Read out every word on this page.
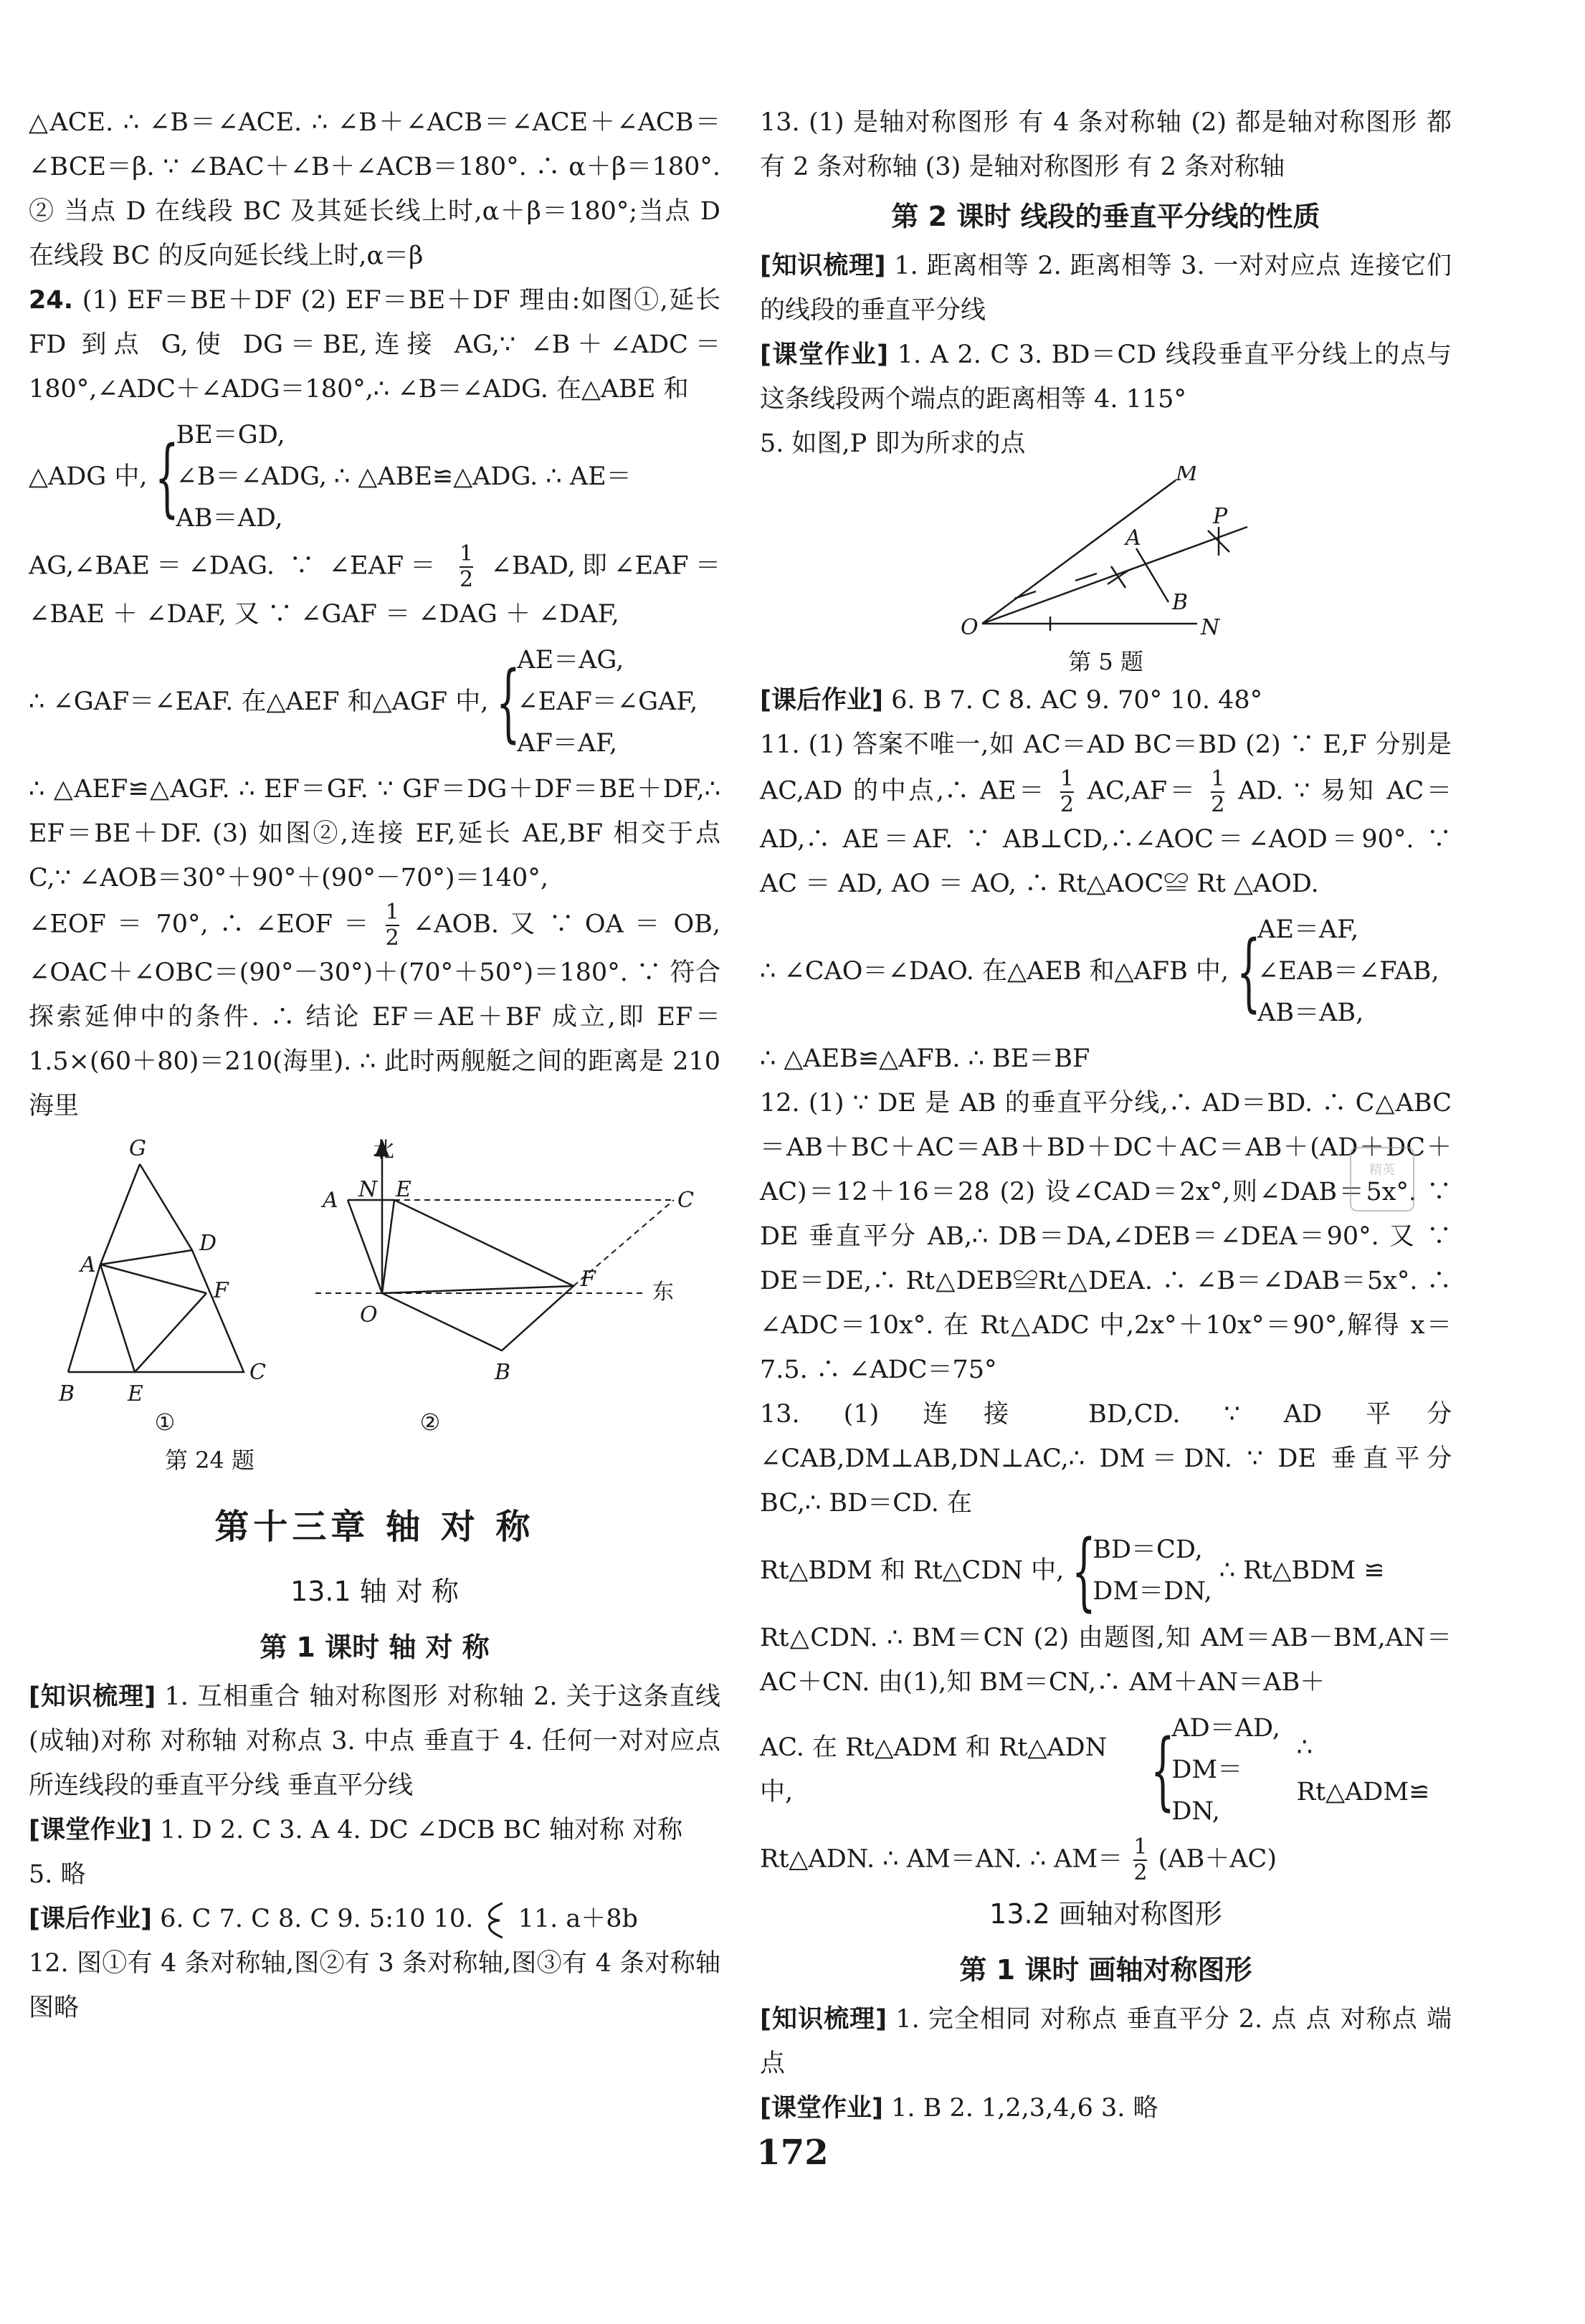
△ACE. ∴ ∠B＝∠ACE. ∴ ∠B＋∠ACB＝∠ACE＋∠ACB＝∠BCE＝β. ∵ ∠BAC＋∠B＋∠ACB＝180°. ∴ α＋β＝180°. ② 当点 D 在线段 BC 及其延长线上时,α＋β＝180°;当点 D 在线段 BC 的反向延长线上时,α＝β

24. (1) EF＝BE＋DF (2) EF＝BE＋DF 理由:如图①,延长 FD 到点 G,使 DG＝BE,连接 AG,∵ ∠B＋∠ADC＝180°,∠ADC＋∠ADG＝180°,∴ ∠B＝∠ADG. 在△ABE 和

△ADG 中, {
BE＝GD,
∠B＝∠ADG,
AB＝AD,
∴ △ABE≌△ADG. ∴ AE＝

AG,∠BAE＝∠DAG. ∵ ∠EAF＝ $\frac{1}{2}$ ∠BAD,即∠EAF＝∠BAE ＋ ∠DAF, 又 ∵ ∠GAF ＝ ∠DAG ＋ ∠DAF,

∴ ∠GAF＝∠EAF. 在△AEF 和△AGF 中, {
AE＝AG,
∠EAF＝∠GAF,
AF＝AF,

∴ △AEF≌△AGF. ∴ EF＝GF. ∵ GF＝DG＋DF＝BE＋DF,∴ EF＝BE＋DF. (3) 如图②,连接 EF,延长 AE,BF 相交于点 C,∵ ∠AOB＝30°＋90°＋(90°－70°)＝140°,

∠EOF ＝ 70°, ∴ ∠EOF ＝ $\frac{1}{2}$ ∠AOB. 又 ∵ OA ＝ OB, ∠OAC＋∠OBC＝(90°－30°)＋(70°＋50°)＝180°. ∵ 符合探索延伸中的条件. ∴ 结论 EF＝AE＋BF 成立,即 EF＝1.5×(60＋80)＝210(海里). ∴ 此时两舰艇之间的距离是 210 海里

G
D
A
F
B E
C
北
A N E	C
F
O
B
东
①	②
第 24 题
第十三章 轴 对 称
13.1 轴 对 称
第 1 课时 轴 对 称

[知识梳理] 1. 互相重合 轴对称图形 对称轴 2. 关于这条直线(成轴)对称 对称轴 对称点 3. 中点 垂直于 4. 任何一对对应点所连线段的垂直平分线 垂直平分线

[课堂作业] 1. D 2. C 3. A 4. DC ∠DCB BC 轴对称 对称

5. 略

[课后作业] 6. C 7. C 8. C 9. 5:10 10. 11. a＋8b

12. 图①有 4 条对称轴,图②有 3 条对称轴,图③有 4 条对称轴 图略

13. (1) 是轴对称图形 有 4 条对称轴 (2) 都是轴对称图形 都有 2 条对称轴 (3) 是轴对称图形 有 2 条对称轴

第 2 课时 线段的垂直平分线的性质

[知识梳理] 1. 距离相等 2. 距离相等 3. 一对对应点 连接它们的线段的垂直平分线

[课堂作业] 1. A 2. C 3. BD＝CD 线段垂直平分线上的点与这条线段两个端点的距离相等 4. 115°

5. 如图,P 即为所求的点

M
P
A
B
O	N
第 5 题

[课后作业] 6. B 7. C 8. AC 9. 70° 10. 48°

11. (1) 答案不唯一,如 AC＝AD BC＝BD (2) ∵ E,F 分别是 AC,AD 的中点,∴ $AE= \frac{1}{2} AC,AF= \frac{1}{2}$ AD. ∵ 易知 AC＝AD,∴ AE＝AF. ∵ AB⊥CD,∴∠AOC＝∠AOD＝90°. ∵ AC ＝ AD, AO ＝ AO, ∴ Rt△AOC≌ Rt △AOD.

∴ ∠CAO＝∠DAO. 在△AEB 和△AFB 中, {
AE＝AF,
∠EAB＝∠FAB,
AB＝AB,

∴ △AEB≌△AFB. ∴ BE＝BF

12. (1) ∵ DE 是 AB 的垂直平分线,∴ AD＝BD. ∴ C△ABC＝AB＋BC＋AC＝AB＋BD＋DC＋AC＝AB＋(AD＋DC＋AC)＝12＋16＝28 (2) 设∠CAD＝2x°,则∠DAB＝5x°. ∵ DE 垂直平分 AB,∴ DB＝DA,∠DEB＝∠DEA＝90°. 又 ∵ DE＝DE,∴ Rt△DEB≌Rt△DEA. ∴ ∠B＝∠DAB＝5x°. ∴ ∠ADC＝10x°. 在 Rt△ADC 中,2x°＋10x°＝90°,解得 x＝7.5. ∴ ∠ADC＝75°

13. (1) 连接 BD,CD. ∵ AD 平分∠CAB,DM⊥AB,DN⊥AC,∴ DM＝DN. ∵ DE 垂直平分 BC,∴ BD＝CD. 在

Rt△BDM 和 Rt△CDN 中, {
BD＝CD,
DM＝DN,
∴ Rt△BDM ≌

Rt△CDN. ∴ BM＝CN (2) 由题图,知 AM＝AB－BM,AN＝AC＋CN. 由(1),知 BM＝CN,∴ AM＋AN＝AB＋

AC. 在 Rt△ADM 和 Rt△ADN 中,	{
AD＝AD,
DM＝DN,
∴ Rt△ADM≌

Rt△ADN. ∴ AM＝AN. ∴ $AM= \frac{1}{2} (AB+AC)$

13.2 画轴对称图形
第 1 课时 画轴对称图形

[知识梳理] 1. 完全相同 对称点 垂直平分 2. 点 点 对称点 端点

[课堂作业] 1. B 2. 1,2,3,4,6 3. 略

精英
172
